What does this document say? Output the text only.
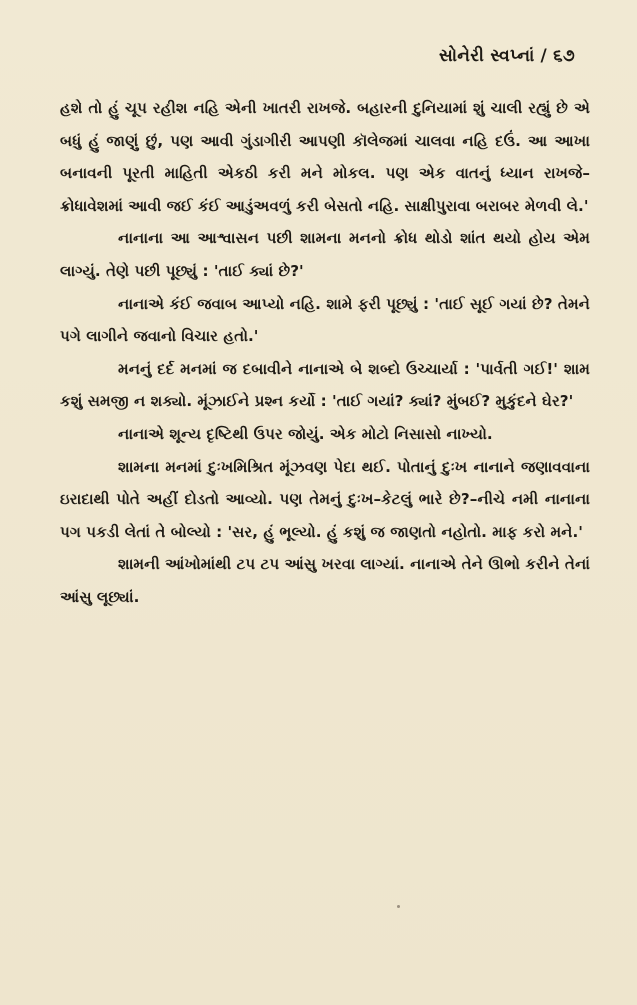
સોનેરી સ્વપ્નાં / ૬૭

હશે તો હું ચૂપ રહીશ નહિ એની ખાતરી રાખજે. બહારની દુનિયામાં શું ચાલી રહ્યું છે એ બધું હું જાણું છું, પણ આવી ગુંડાગીરી આપણી કૉલેજમાં ચાલવા નહિ દઉં. આ આખા બનાવની પૂરતી માહિતી એકઠી કરી મને મોકલ. પણ એક વાતનું ધ્યાન રાખજે–ક્રોધાવેશમાં આવી જઈ કંઈ આડુંઅવળું કરી બેસતો નહિ. સાક્ષીપુરાવા બરાબર મેળવી લે.'

નાનાના આ આશ્વાસન પછી શામના મનનો ક્રોધ થોડો શાંત થયો હોય એમ લાગ્યું. તેણે પછી પૂછ્યું : 'તાઈ ક્યાં છે?'

નાનાએ કંઈ જવાબ આપ્યો નહિ. શામે ફરી પૂછ્યું : 'તાઈ સૂઈ ગયાં છે? તેમને પગે લાગીને જવાનો વિચાર હતો.'

મનનું દર્દ મનમાં જ દબાવીને નાનાએ બે શબ્દો ઉચ્ચાર્યા : 'પાર્વતી ગઈ!' શામ કશું સમજી ન શક્યો. મૂંઝાઈને પ્રશ્ન કર્યો : 'તાઈ ગયાં? ક્યાં? મુંબઈ? મુકુંદને ઘેર?'

નાનાએ શૂન્ય દૃષ્ટિથી ઉપર જોયું. એક મોટો નિસાસો નાખ્યો.

શામના મનમાં દુઃખમિશ્રિત મૂંઝવણ પેદા થઈ. પોતાનું દુઃખ નાનાને જણાવવાના ઇરાદાથી પોતે અહીં દોડતો આવ્યો. પણ તેમનું દુઃખ–કેટલું ભારે છે?–નીચે નમી નાનાના પગ પકડી લેતાં તે બોલ્યો : 'સર, હું ભૂલ્યો. હું કશું જ જાણતો નહોતો. માફ કરો મને.'

શામની આંખોમાંથી ટપ ટપ આંસુ ખરવા લાગ્યાં. નાનાએ તેને ઊભો કરીને તેનાં આંસુ લૂછ્યાં.
